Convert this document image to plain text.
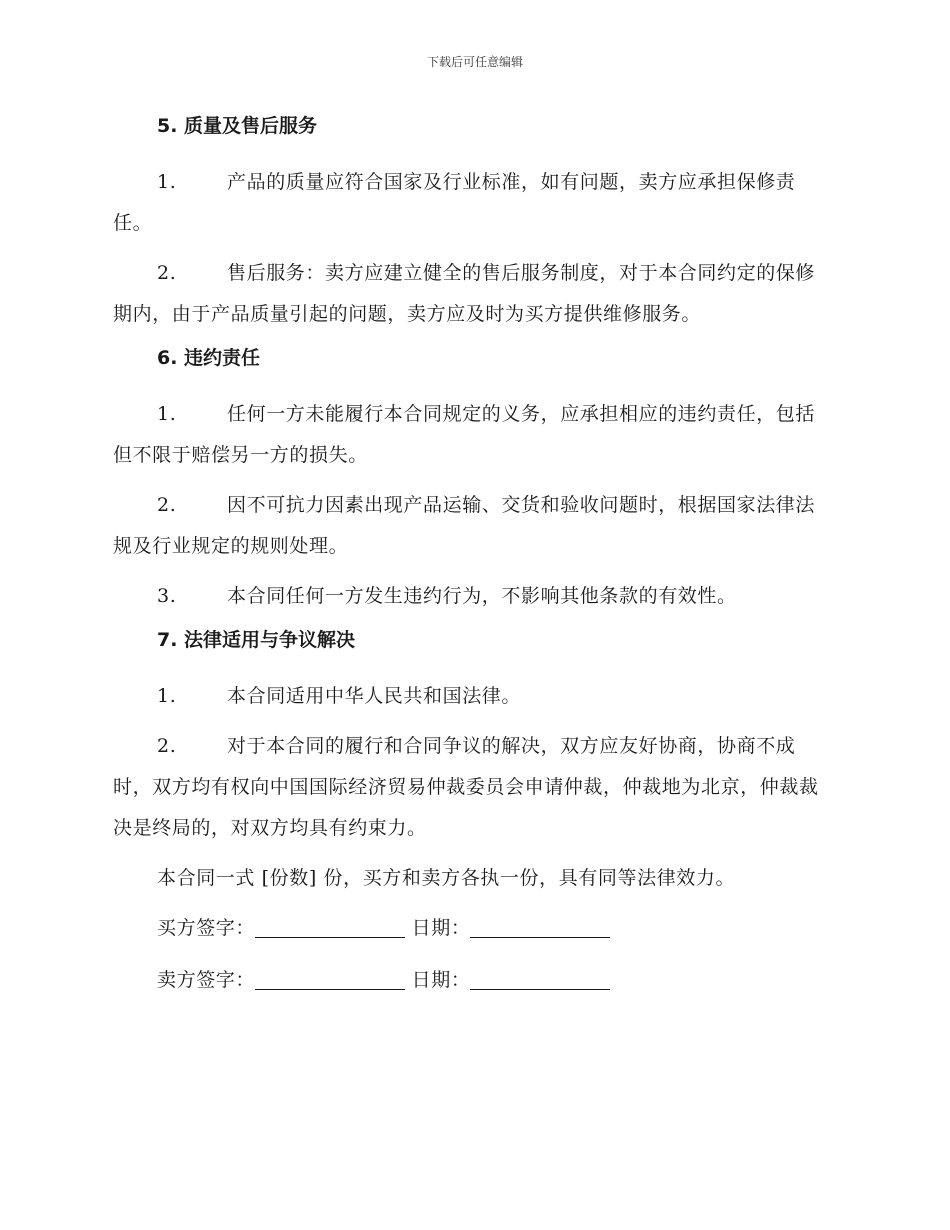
下载后可任意编辑
5. 质量及售后服务

1.	产品的质量应符合国家及行业标准，如有问题，卖方应承担保修责任。

2.	售后服务：卖方应建立健全的售后服务制度，对于本合同约定的保修期内，由于产品质量引起的问题，卖方应及时为买方提供维修服务。

6. 违约责任

1.	任何一方未能履行本合同规定的义务，应承担相应的违约责任，包括但不限于赔偿另一方的损失。

2.	因不可抗力因素出现产品运输、交货和验收问题时，根据国家法律法规及行业规定的规则处理。

3.	本合同任何一方发生违约行为，不影响其他条款的有效性。

7. 法律适用与争议解决

1.	本合同适用中华人民共和国法律。

2.	对于本合同的履行和合同争议的解决，双方应友好协商，协商不成时，双方均有权向中国国际经济贸易仲裁委员会申请仲裁，仲裁地为北京，仲裁裁决是终局的，对双方均具有约束力。

本合同一式 [份数] 份，买方和卖方各执一份，具有同等法律效力。

买方签字：	日期：
卖方签字：	日期：
